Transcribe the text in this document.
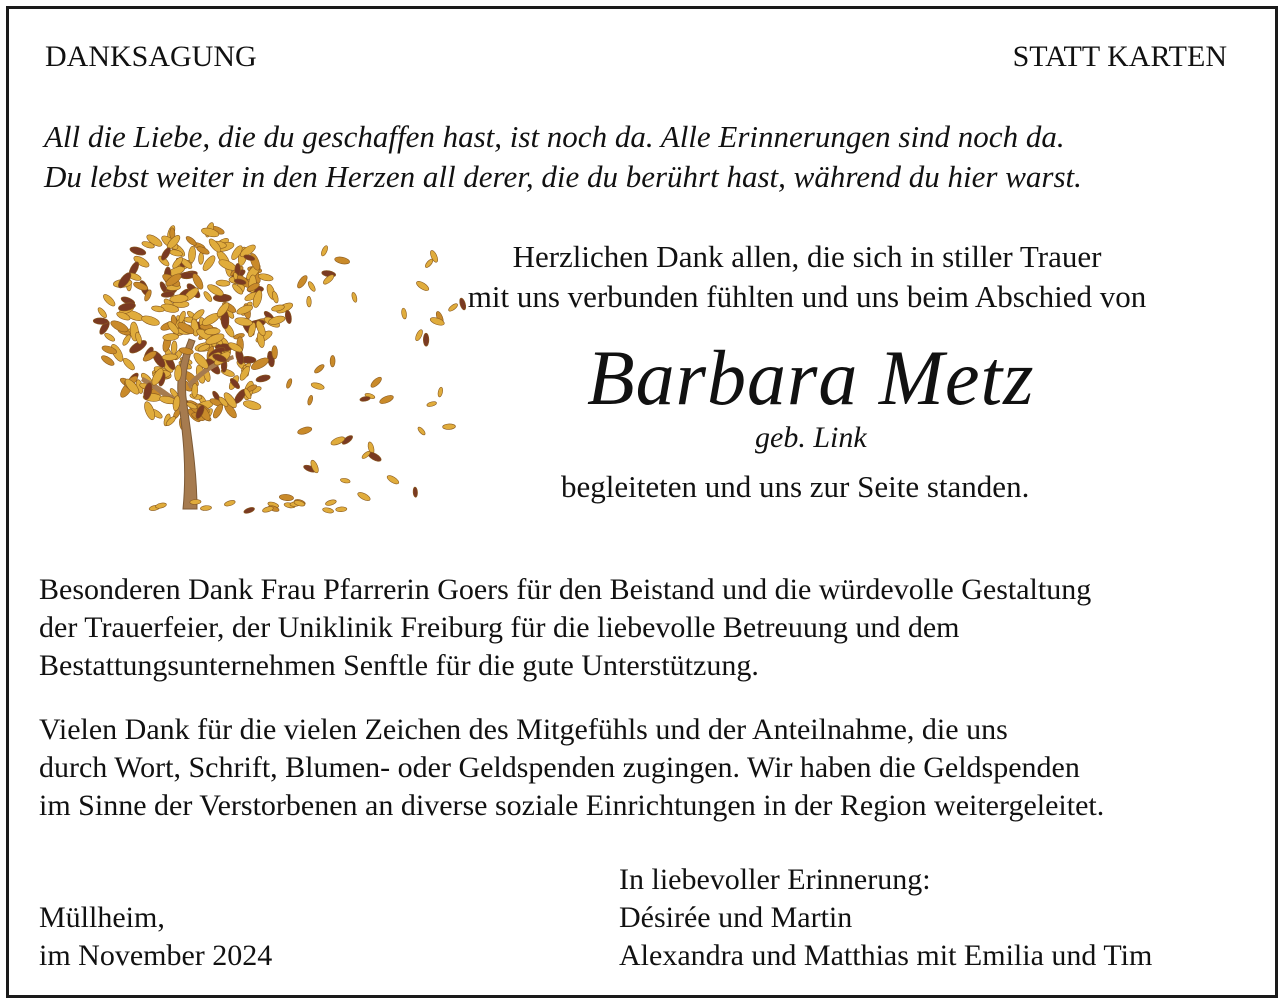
DANKSAGUNG	STATT KARTEN
All die Liebe, die du geschaffen hast, ist noch da. Alle Erinnerungen sind noch da.
Du lebst weiter in den Herzen all derer, die du berührt hast, während du hier warst.
Herzlichen Dank allen, die sich in stiller Trauer
mit uns verbunden fühlten und uns beim Abschied von
Barbara Metz
geb. Link
begleiteten und uns zur Seite standen.
Besonderen Dank Frau Pfarrerin Goers für den Beistand und die würdevolle Gestaltung
der Trauerfeier, der Uniklinik Freiburg für die liebevolle Betreuung und dem
Bestattungsunternehmen Senftle für die gute Unterstützung.
Vielen Dank für die vielen Zeichen des Mitgefühls und der Anteilnahme, die uns
durch Wort, Schrift, Blumen- oder Geldspenden zugingen. Wir haben die Geldspenden
im Sinne der Verstorbenen an diverse soziale Einrichtungen in der Region weitergeleitet.
In liebevoller Erinnerung:
Müllheim,	Désirée und Martin
im November 2024	Alexandra und Matthias mit Emilia und Tim
